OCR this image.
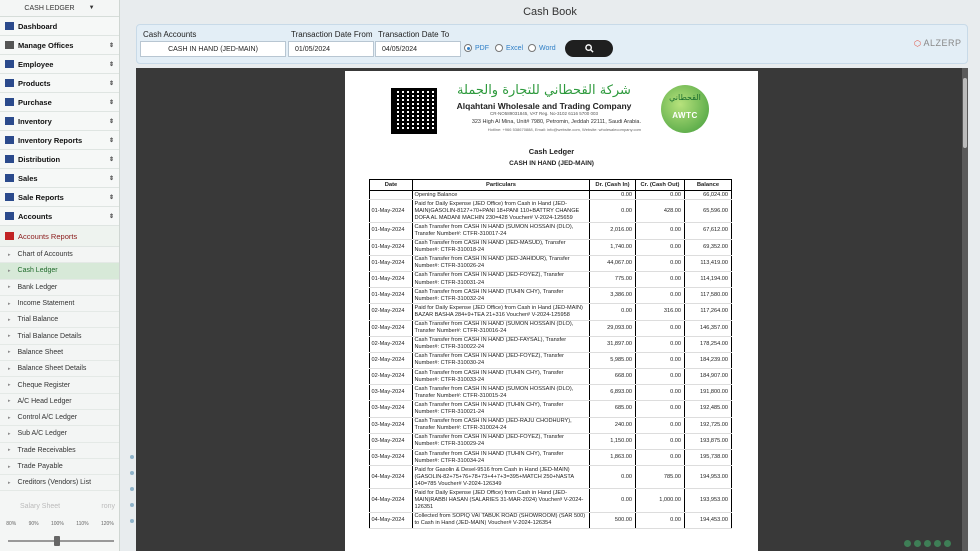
CASH LEDGER ▼
Dashboard
Manage Offices	⇕
Employee	⇕
Products	⇕
Purchase	⇕
Inventory	⇕
Inventory Reports	⇕
Distribution	⇕
Sales	⇕
Sale Reports	⇕
Accounts	⇕
Accounts Reports
▸ Chart of Accounts
▸ Cash Ledger
▸ Bank Ledger
▸ Income Statement
▸ Trial Balance
▸ Trial Balance Details
▸ Balance Sheet
▸ Balance Sheet Details
▸ Cheque Register
▸ A/C Head Ledger
▸ Control A/C Ledger
▸ Sub A/C Ledger
▸ Trade Receivables
▸ Trade Payable
▸ Creditors (Vendors) List
Salary Sheet	rony
80% 90% 100% 110% 120%
Cash Book
Cash Accounts
CASH IN HAND (JED-MAIN)
Transaction Date From
01/05/2024
Transaction Date To
04/05/2024	PDF Excel Word
⬡ ALZERP
شركة القحطاني للتجارة والجملة
Alqahtani Wholesale and Trading Company
CR-NO589031845, VAT Reg. No-3102 6116 5700 003
323 High Al Mina, Unit# 7980, Petromin, Jeddah 22111, Saudi Arabia.
Hotline: +966 538670888, Email: info@website.com, Website: wholesalecompany.com
القحطاني
AWTC
Cash Ledger
CASH IN HAND (JED-MAIN)
Date	Particulars	Dr. (Cash In)	Cr. (Cash Out)	Balance
	Opening Balance	0.00	0.00	66,024.00
01-May-2024	Paid for Daily Expense (JED Office) from Cash in Hand (JED-MAIN)GASOLIN-8127+70+PANI 18+PANI 110+BATTRY CHANGE DOFA AL MADANI MACHIN 230=428 Voucher# V-2024-125659	0.00	428.00	65,596.00
01-May-2024	Cash Transfer from CASH IN HAND (SUMON HOSSAIN (DLO), Transfer Number#: CTFR-310017-24	2,016.00	0.00	67,612.00
01-May-2024	Cash Transfer from CASH IN HAND (JED-MASUD), Transfer Number#: CTFR-310018-24	1,740.00	0.00	69,352.00
01-May-2024	Cash Transfer from CASH IN HAND (JED-JAHIDUR), Transfer Number#: CTFR-310026-24	44,067.00	0.00	113,419.00
01-May-2024	Cash Transfer from CASH IN HAND (JED-FOYEZ), Transfer Number#: CTFR-310031-24	775.00	0.00	114,194.00
01-May-2024	Cash Transfer from CASH IN HAND (TUHIN CHY), Transfer Number#: CTFR-310032-24	3,386.00	0.00	117,580.00
02-May-2024	Paid for Daily Expense (JED Office) from Cash in Hand (JED-MAIN) BAZAR BASHA 284+9+TEA 21+316 Voucher# V-2024-125958	0.00	316.00	117,264.00
02-May-2024	Cash Transfer from CASH IN HAND (SUMON HOSSAIN (DLO), Transfer Number#: CTFR-310016-24	29,093.00	0.00	146,357.00
02-May-2024	Cash Transfer from CASH IN HAND (JED-FAYSAL), Transfer Number#: CTFR-310022-24	31,897.00	0.00	178,254.00
02-May-2024	Cash Transfer from CASH IN HAND (JED-FOYEZ), Transfer Number#: CTFR-310030-24	5,985.00	0.00	184,239.00
02-May-2024	Cash Transfer from CASH IN HAND (TUHIN CHY), Transfer Number#: CTFR-310033-24	668.00	0.00	184,907.00
03-May-2024	Cash Transfer from CASH IN HAND (SUMON HOSSAIN (DLO), Transfer Number#: CTFR-310015-24	6,893.00	0.00	191,800.00
03-May-2024	Cash Transfer from CASH IN HAND (TUHIN CHY), Transfer Number#: CTFR-310021-24	685.00	0.00	192,485.00
03-May-2024	Cash Transfer from CASH IN HAND (JED-RAJU CHODHURY), Transfer Number#: CTFR-310024-24	240.00	0.00	192,725.00
03-May-2024	Cash Transfer from CASH IN HAND (JED-FOYEZ), Transfer Number#: CTFR-310029-24	1,150.00	0.00	193,875.00
03-May-2024	Cash Transfer from CASH IN HAND (TUHIN CHY), Transfer Number#: CTFR-310034-24	1,863.00	0.00	195,738.00
04-May-2024	Paid for Gasolin & Desel-9516 from Cash in Hand (JED-MAIN) (GASOLIN-82+75+76+78+73+4+7+3=395+MATCH 250+NASTA 140=785 Voucher# V-2024-126349	0.00	785.00	194,953.00
04-May-2024	Paid for Daily Expense (JED Office) from Cash in Hand (JED-MAIN)RABBI HASAN (SALARIES 31-MAR-2024) Voucher# V-2024-126351	0.00	1,000.00	193,953.00
04-May-2024	Collected from SOPIQ VAI TABUK ROAD (SHOWROOM) (SAR 500) to Cash in Hand (JED-MAIN) Voucher# V-2024-126354	500.00	0.00	194,453.00
